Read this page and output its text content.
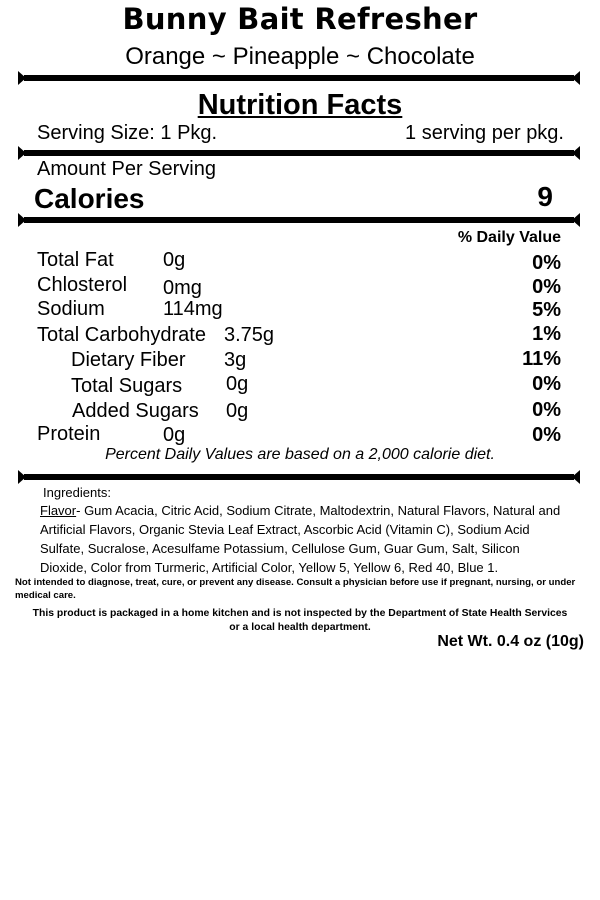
Bunny Bait Refresher
Orange ~ Pineapple ~ Chocolate
Nutrition Facts
Serving Size: 1 Pkg.	1 serving per pkg.
Amount Per Serving
Calories	9
% Daily Value
Total Fat 0g	0%
Chlosterol 0mg	0%
Sodium	114mg	5%
Total Carbohydrate 3.75g	1%
Dietary Fiber 3g	11%
Total Sugars 0g	0%
Added Sugars 0g	0%
Protein	0g	0%
Percent Daily Values are based on a 2,000 calorie diet.
Ingredients:
Flavor- Gum Acacia, Citric Acid, Sodium Citrate, Maltodextrin, Natural Flavors, Natural and Artificial Flavors, Organic Stevia Leaf Extract, Ascorbic Acid (Vitamin C), Sodium Acid Sulfate, Sucralose, Acesulfame Potassium, Cellulose Gum, Guar Gum, Salt, Silicon Dioxide, Color from Turmeric, Artificial Color, Yellow 5, Yellow 6, Red 40, Blue 1.
Not intended to diagnose, treat, cure, or prevent any disease. Consult a physician before use if pregnant, nursing, or under medical care.
This product is packaged in a home kitchen and is not inspected by the Department of State Health Services or a local health department.
Net Wt. 0.4 oz (10g)
